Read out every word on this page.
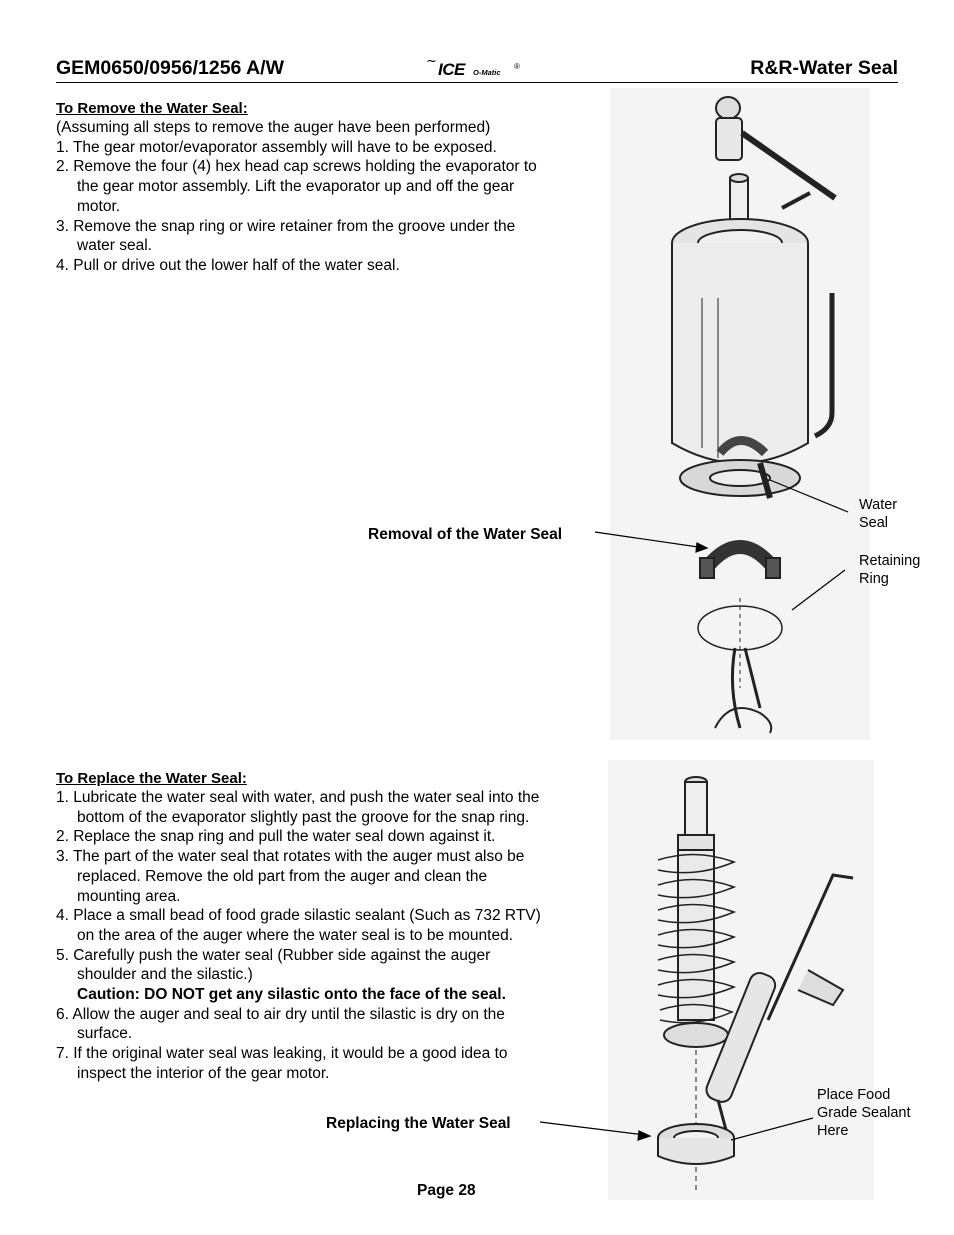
GEM0650/0956/1256 A/W	~ ICE O-Matic
®	R&R-Water Seal
To Remove the Water Seal:
(Assuming all steps to remove the auger have been performed)
1. The gear motor/evaporator assembly will have to be exposed.
2. Remove the four (4) hex head cap screws holding the evaporator to
the gear motor assembly. Lift the evaporator up and off the gear
motor.
3. Remove the snap ring or wire retainer from the groove under the
water seal.
4. Pull or drive out the lower half of the water seal.
Removal of the Water Seal
Water
Seal
Retaining
Ring
To Replace the Water Seal:
1. Lubricate the water seal with water, and push the water seal into the
bottom of the evaporator slightly past the groove for the snap ring.
2. Replace the snap ring and pull the water seal down against it.
3. The part of the water seal that rotates with the auger must also be
replaced. Remove the old part from the auger and clean the
mounting area.
4. Place a small bead of food grade silastic sealant (Such as 732 RTV)
on the area of the auger where the water seal is to be mounted.
5. Carefully push the water seal (Rubber side against the auger
shoulder and the silastic.)
Caution: DO NOT get any silastic onto the face of the seal.
6. Allow the auger and seal to air dry until the silastic is dry on the
surface.
7. If the original water seal was leaking, it would be a good idea to
inspect the interior of the gear motor.
Replacing the Water Seal
Place Food
Grade Sealant
Here
Page 28
